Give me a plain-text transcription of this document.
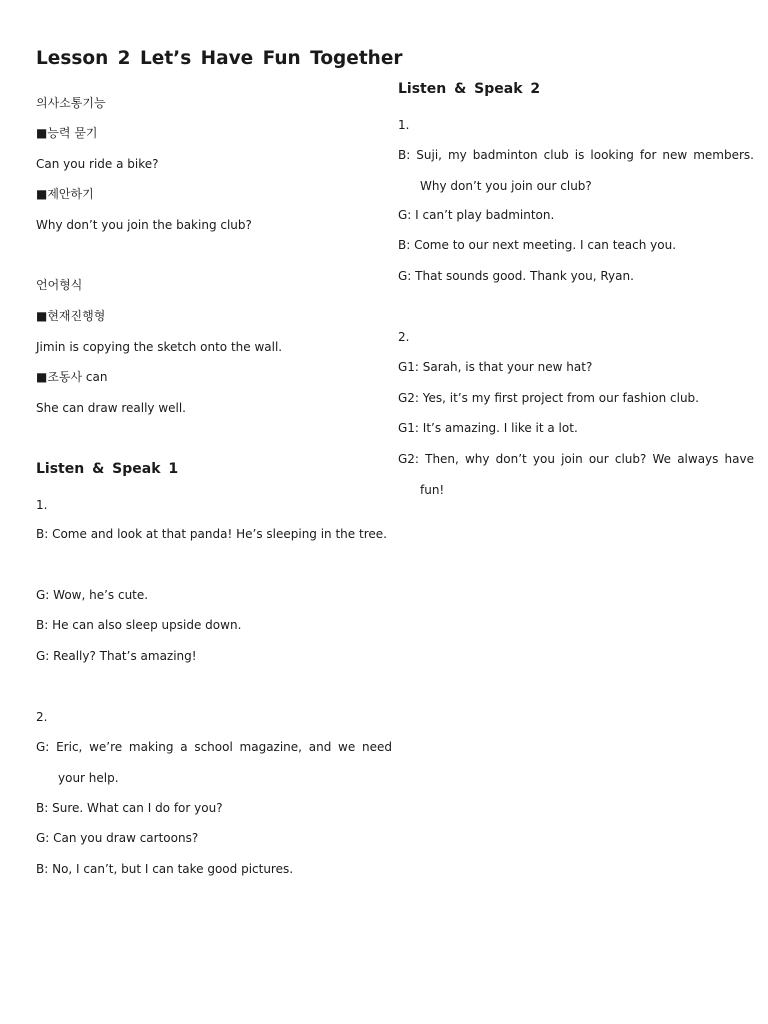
Lesson 2 Let’s Have Fun Together

의사소통기능

■능력 묻기

Can you ride a bike?

■제안하기

Why don’t you join the baking club?

언어형식

■현재진행형

Jimin is copying the sketch onto the wall.

■조동사 can

She can draw really well.

Listen & Speak 1

1.

B: Come and look at that panda! He’s sleeping in the tree.

G: Wow, he’s cute.

B: He can also sleep upside down.

G: Really? That’s amazing!

2.

G: Eric, we’re making a school magazine, and we need your help.

B: Sure. What can I do for you?

G: Can you draw cartoons?

B: No, I can’t, but I can take good pictures.

Listen & Speak 2

1.

B: Suji, my badminton club is looking for new members. Why don’t you join our club?

G: I can’t play badminton.

B: Come to our next meeting. I can teach you.

G: That sounds good. Thank you, Ryan.

2.

G1: Sarah, is that your new hat?

G2: Yes, it’s my first project from our fashion club.

G1: It’s amazing. I like it a lot.

G2: Then, why don’t you join our club? We always have fun!
